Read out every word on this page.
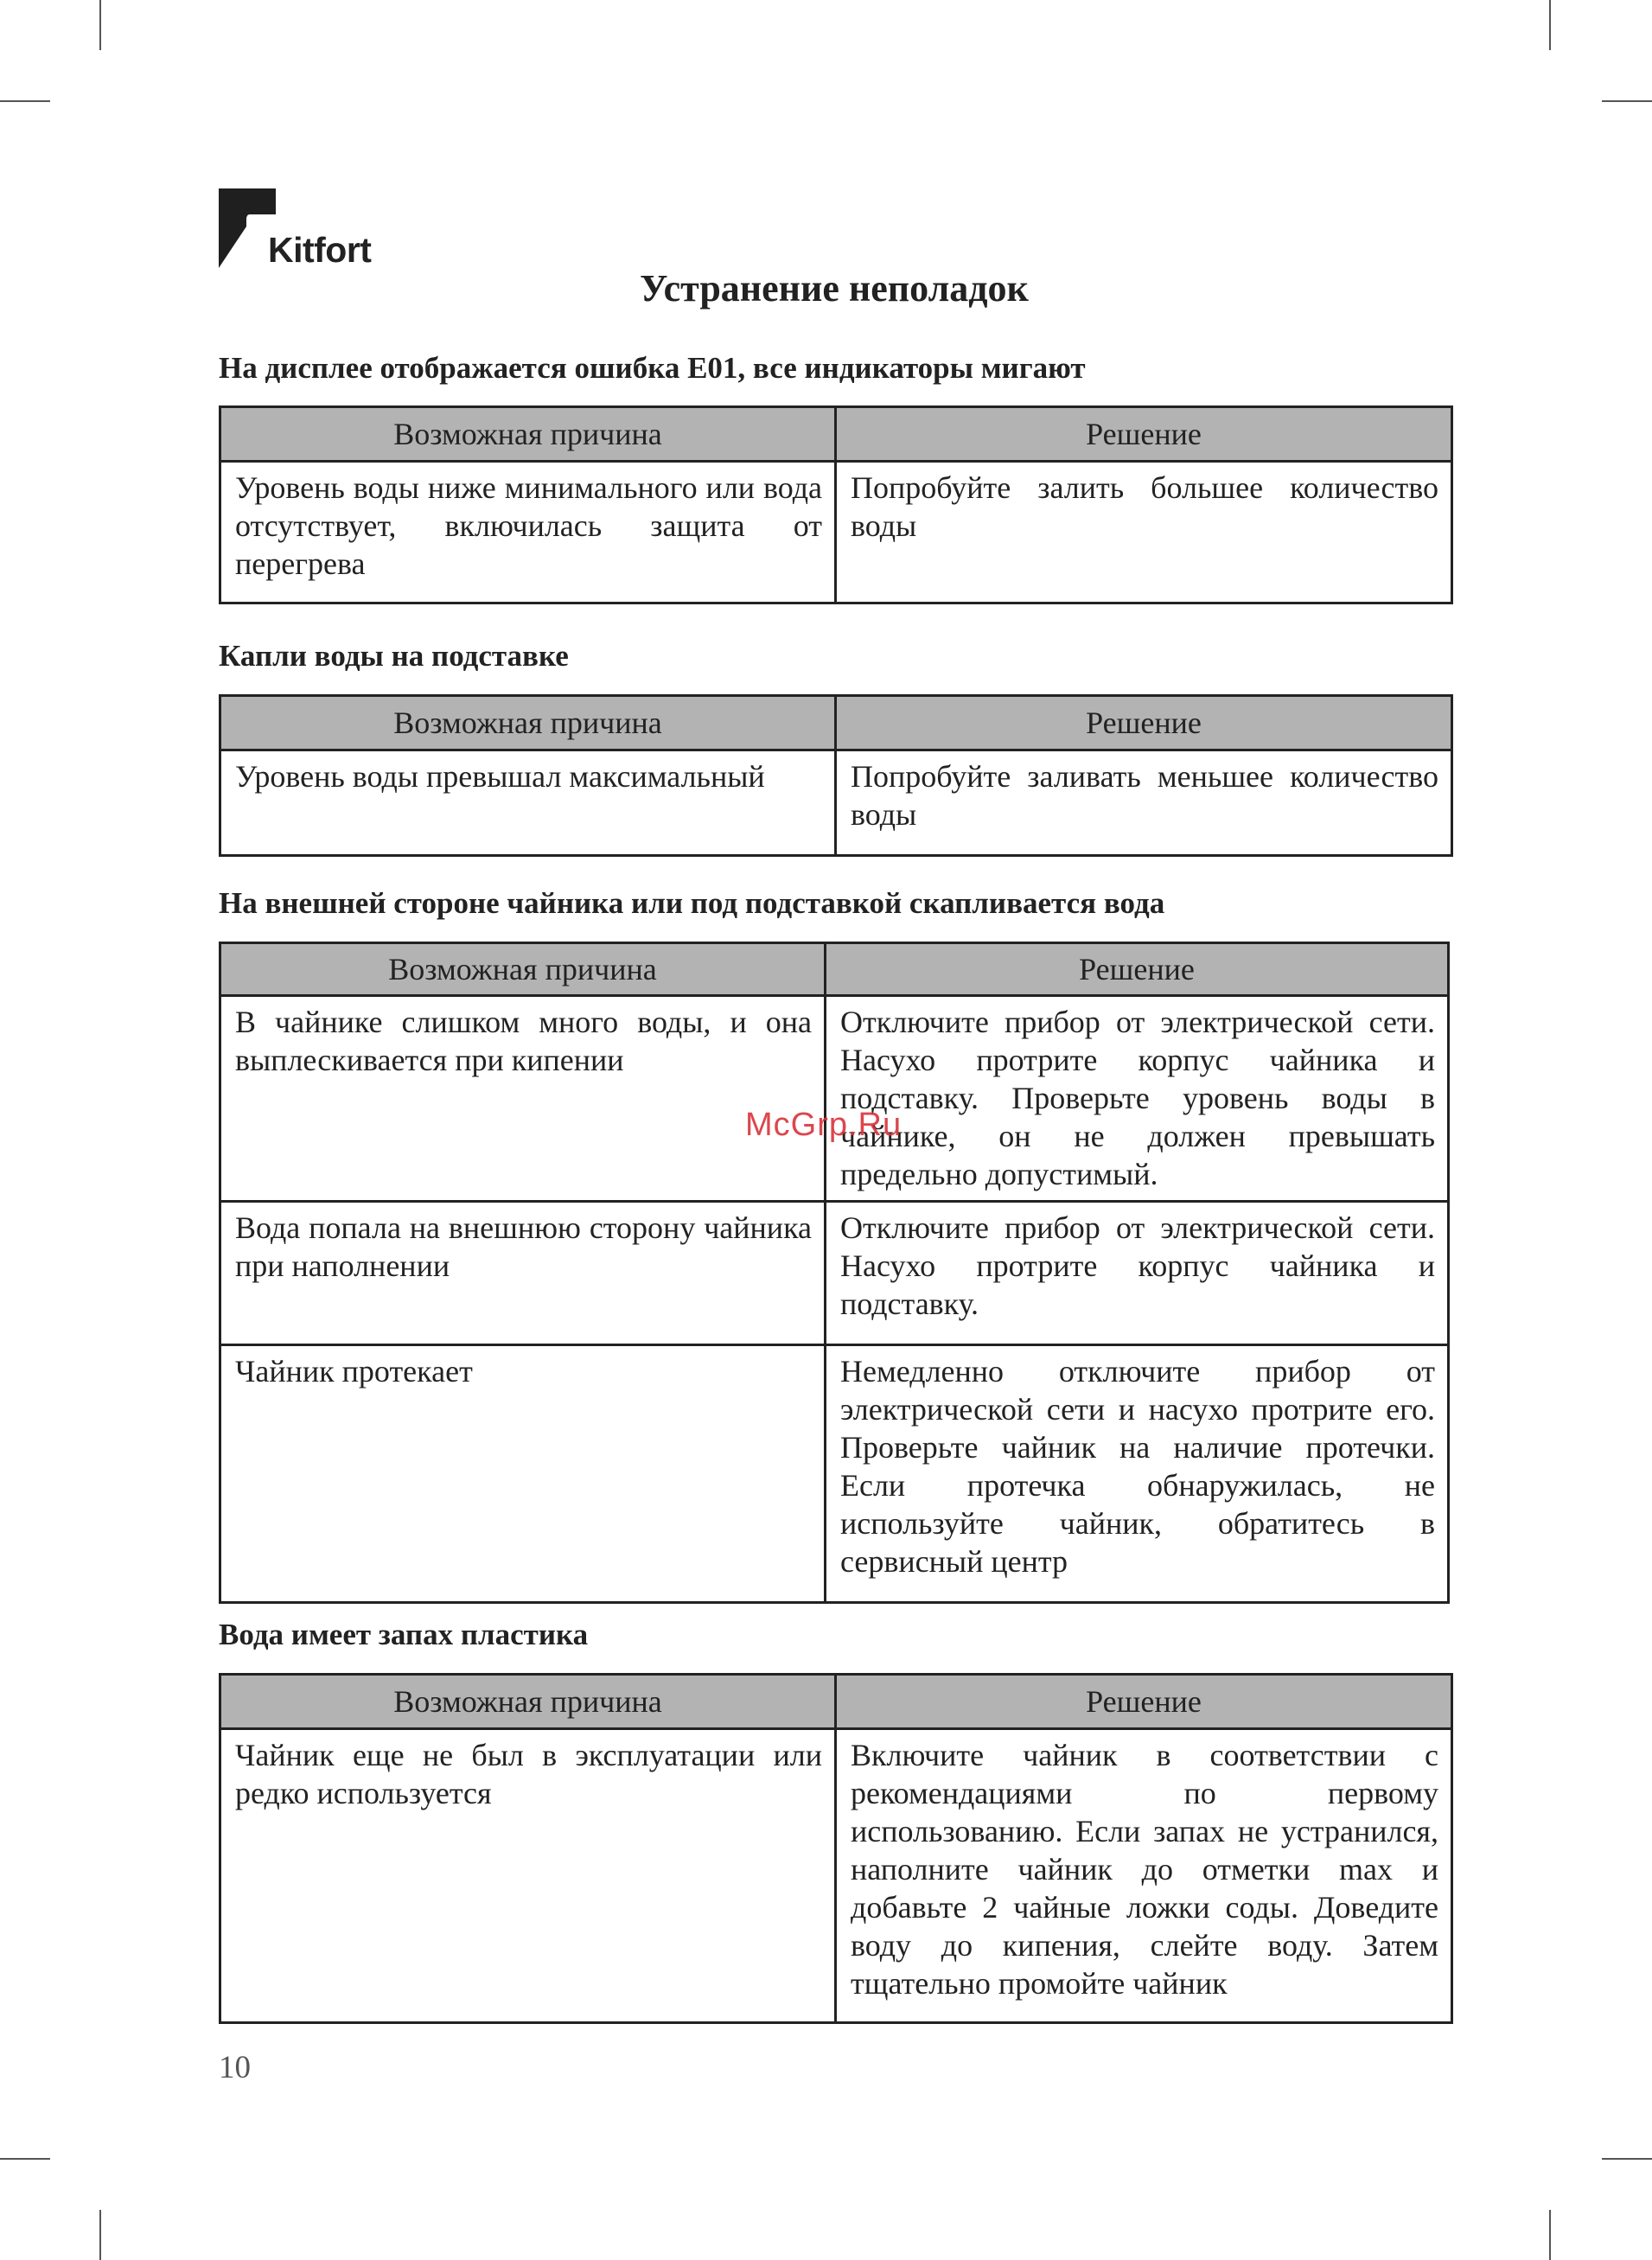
Kitfort
Устранение неполадок
На дисплее отображается ошибка E01, все индикаторы мигают
Возможная причина	Решение
Уровень воды ниже минимального или вода отсутствует, включилась защита от перегрева	Попробуйте залить большее количество воды
Капли воды на подставке
Возможная причина	Решение
Уровень воды превышал максимальный	Попробуйте заливать меньшее количество воды
На внешней стороне чайника или под подставкой скапливается вода
Возможная причина	Решение
В чайнике слишком много воды, и она выплескивается при кипении	Отключите прибор от электрической сети. Насухо протрите корпус чайника и подставку. Проверьте уровень воды в чайнике, он не должен превышать предельно допустимый.
Вода попала на внешнюю сторону чайника при наполнении	Отключите прибор от электрической сети. Насухо протрите корпус чайника и подставку.
Чайник протекает	Немедленно отключите прибор от электрической сети и насухо протрите его. Проверьте чайник на наличие протечки. Если протечка обнаружилась, не используйте чайник, обратитесь в сервисный центр
Вода имеет запах пластика
Возможная причина	Решение
Чайник еще не был в эксплуатации или редко используется	Включите чайник в соответствии с рекомендациями по первому использованию. Если запах не устранился, наполните чайник до отметки max и добавьте 2 чайные ложки соды. Доведите воду до кипения, слейте воду. Затем тщательно промойте чайник
McGrp.Ru
10
